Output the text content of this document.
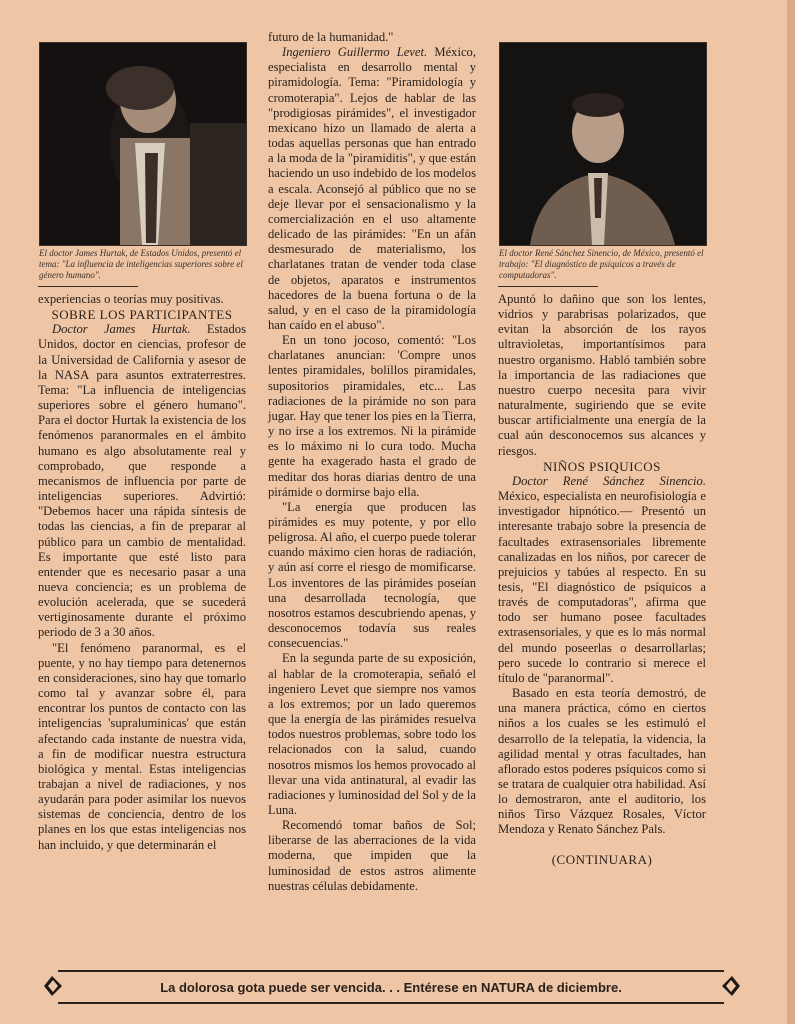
El doctor James Hurtak, de Estados Unidos, presentó el tema: "La influencia de inteligencias superiores sobre el género humano".
El doctor René Sánchez Sinencio, de México, presentó el trabajo: "El diagnóstico de psíquicos a través de computadoras".

experiencias o teorías muy positivas.

SOBRE LOS PARTICIPANTES

Doctor James Hurtak. Estados Unidos, doctor en ciencias, profesor de la Universidad de California y asesor de la NASA para asuntos extraterrestres. Tema: "La influencia de inteligencias superiores sobre el género humano". Para el doctor Hurtak la existencia de los fenómenos paranormales en el ámbito humano es algo absolutamente real y comprobado, que responde a mecanismos de influencia por parte de inteligencias superiores. Advirtió: "Debemos hacer una rápida síntesis de todas las ciencias, a fin de preparar al público para un cambio de mentalidad. Es importante que esté listo para entender que es necesario pasar a una nueva conciencia; es un problema de evolución acelerada, que se sucederá vertiginosamente durante el próximo periodo de 3 a 30 años.

"El fenómeno paranormal, es el puente, y no hay tiempo para detenernos en consideraciones, sino hay que tomarlo como tal y avanzar sobre él, para encontrar los puntos de contacto con las inteligencias 'supraluminicas' que están afectando cada instante de nuestra vida, a fin de modificar nuestra estructura biológica y mental. Estas inteligencias trabajan a nivel de radiaciones, y nos ayudarán para poder asimilar los nuevos sistemas de conciencia, dentro de los planes en los que estas inteligencias nos han incluido, y que determinarán el

futuro de la humanidad."

Ingeniero Guillermo Levet. México, especialista en desarrollo mental y piramidología. Tema: "Piramidología y cromoterapia". Lejos de hablar de las "prodigiosas pirámides", el investigador mexicano hizo un llamado de alerta a todas aquellas personas que han entrado a la moda de la "piramiditis", y que están haciendo un uso indebido de los modelos a escala. Aconsejó al público que no se deje llevar por el sensacionalismo y la comercialización en el uso altamente delicado de las pirámides: "En un afán desmesurado de materialismo, los charlatanes tratan de vender toda clase de objetos, aparatos e instrumentos hacedores de la buena fortuna o de la salud, y en el caso de la piramidología han caído en el abuso".

En un tono jocoso, comentó: "Los charlatanes anuncian: 'Compre unos lentes piramidales, bolillos piramidales, supositorios piramidales, etc... Las radiaciones de la pirámide no son para jugar. Hay que tener los pies en la Tierra, y no irse a los extremos. Ni la pirámide es lo máximo ni lo cura todo. Mucha gente ha exagerado hasta el grado de meditar dos horas diarias dentro de una pirámide o dormirse bajo ella.

"La energía que producen las pirámides es muy potente, y por ello peligrosa. Al año, el cuerpo puede tolerar cuando máximo cien horas de radiación, y aún así corre el riesgo de momificarse. Los inventores de las pirámides poseían una desarrollada tecnología, que nosotros estamos descubriendo apenas, y desconocemos todavía sus reales consecuencias."

En la segunda parte de su exposición, al hablar de la cromoterapia, señaló el ingeniero Levet que siempre nos vamos a los extremos; por un lado queremos que la energía de las pirámides resuelva todos nuestros problemas, sobre todo los relacionados con la salud, cuando nosotros mismos los hemos provocado al llevar una vida antinatural, al evadir las radiaciones y luminosidad del Sol y de la Luna.

Recomendó tomar baños de Sol; liberarse de las aberraciones de la vida moderna, que impiden que la luminosidad de estos astros alimente nuestras células debidamente.

Apuntó lo dañino que son los lentes, vidrios y parabrisas polarizados, que evitan la absorción de los rayos ultravioletas, importantísimos para nuestro organismo. Habló también sobre la importancia de las radiaciones que nuestro cuerpo necesita para vivir naturalmente, sugiriendo que se evite buscar artificialmente una energía de la cual aún desconocemos sus alcances y riesgos.

NIÑOS PSIQUICOS

Doctor René Sánchez Sinencio. México, especialista en neurofisiología e investigador hipnótico.— Presentó un interesante trabajo sobre la presencia de facultades extrasensoriales libremente canalizadas en los niños, por carecer de prejuicios y tabúes al respecto. En su tesis, "El diagnóstico de psíquicos a través de computadoras", afirma que todo ser humano posee facultades extrasensoriales, y que es lo más normal del mundo poseerlas o desarrollarlas; pero sucede lo contrario si merece el título de "paranormal".

Basado en esta teoría demostró, de una manera práctica, cómo en ciertos niños a los cuales se les estimuló el desarrollo de la telepatía, la videncia, la agilidad mental y otras facultades, han aflorado estos poderes psíquicos como si se tratara de cualquier otra habilidad. Así lo demostraron, ante el auditorio, los niños Tirso Vázquez Rosales, Víctor Mendoza y Renato Sánchez Pals.

(CONTINUARA)

La dolorosa gota puede ser vencida. . . Entérese en NATURA de diciembre.
